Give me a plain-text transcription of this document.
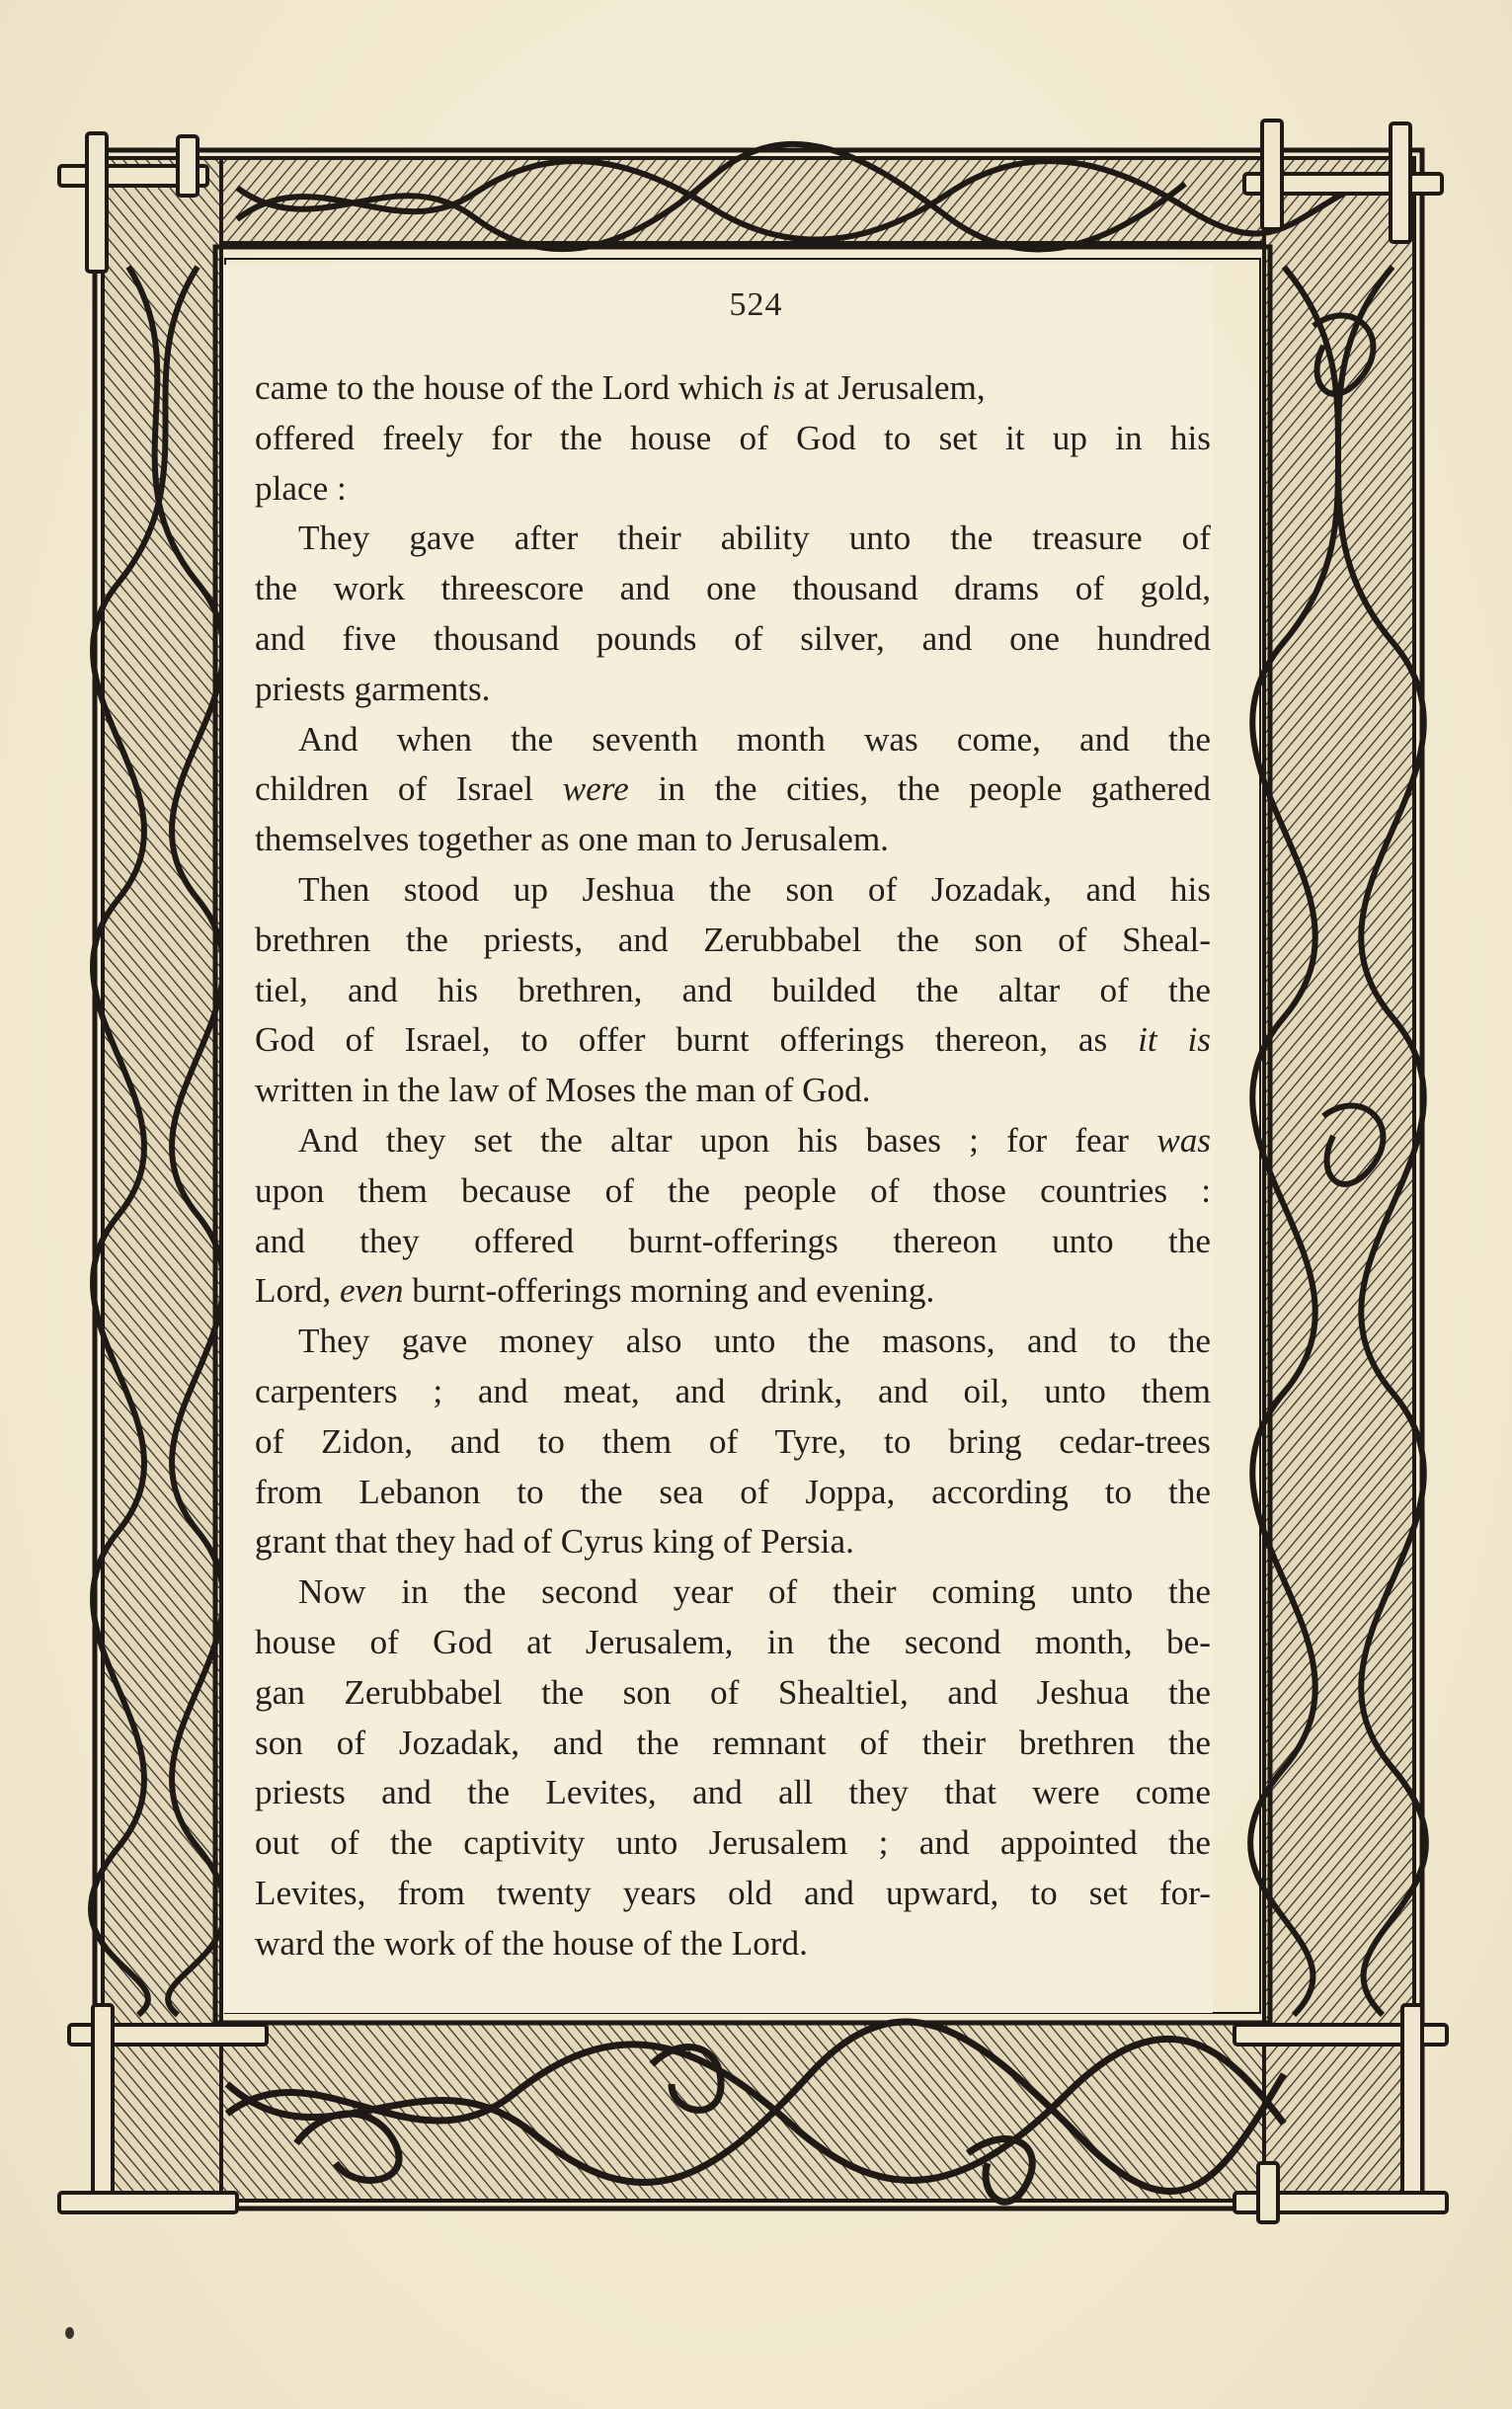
524
came to the house of the Lord which is at Jerusalem,
offered freely for the house of God to set it up in his
place :
They gave after their ability unto the treasure of
the work threescore and one thousand drams of gold,
and five thousand pounds of silver, and one hundred
priests garments.
And when the seventh month was come, and the
children of Israel were in the cities, the people gathered
themselves together as one man to Jerusalem.
Then stood up Jeshua the son of Jozadak, and his
brethren the priests, and Zerubbabel the son of Sheal-
tiel, and his brethren, and builded the altar of the
God of Israel, to offer burnt offerings thereon, as it is
written in the law of Moses the man of God.
And they set the altar upon his bases ; for fear was
upon them because of the people of those countries :
and they offered burnt-offerings thereon unto the
Lord, even burnt-offerings morning and evening.
They gave money also unto the masons, and to the
carpenters ; and meat, and drink, and oil, unto them
of Zidon, and to them of Tyre, to bring cedar-trees
from Lebanon to the sea of Joppa, according to the
grant that they had of Cyrus king of Persia.
Now in the second year of their coming unto the
house of God at Jerusalem, in the second month, be-
gan Zerubbabel the son of Shealtiel, and Jeshua the
son of Jozadak, and the remnant of their brethren the
priests and the Levites, and all they that were come
out of the captivity unto Jerusalem ; and appointed the
Levites, from twenty years old and upward, to set for-
ward the work of the house of the Lord.
